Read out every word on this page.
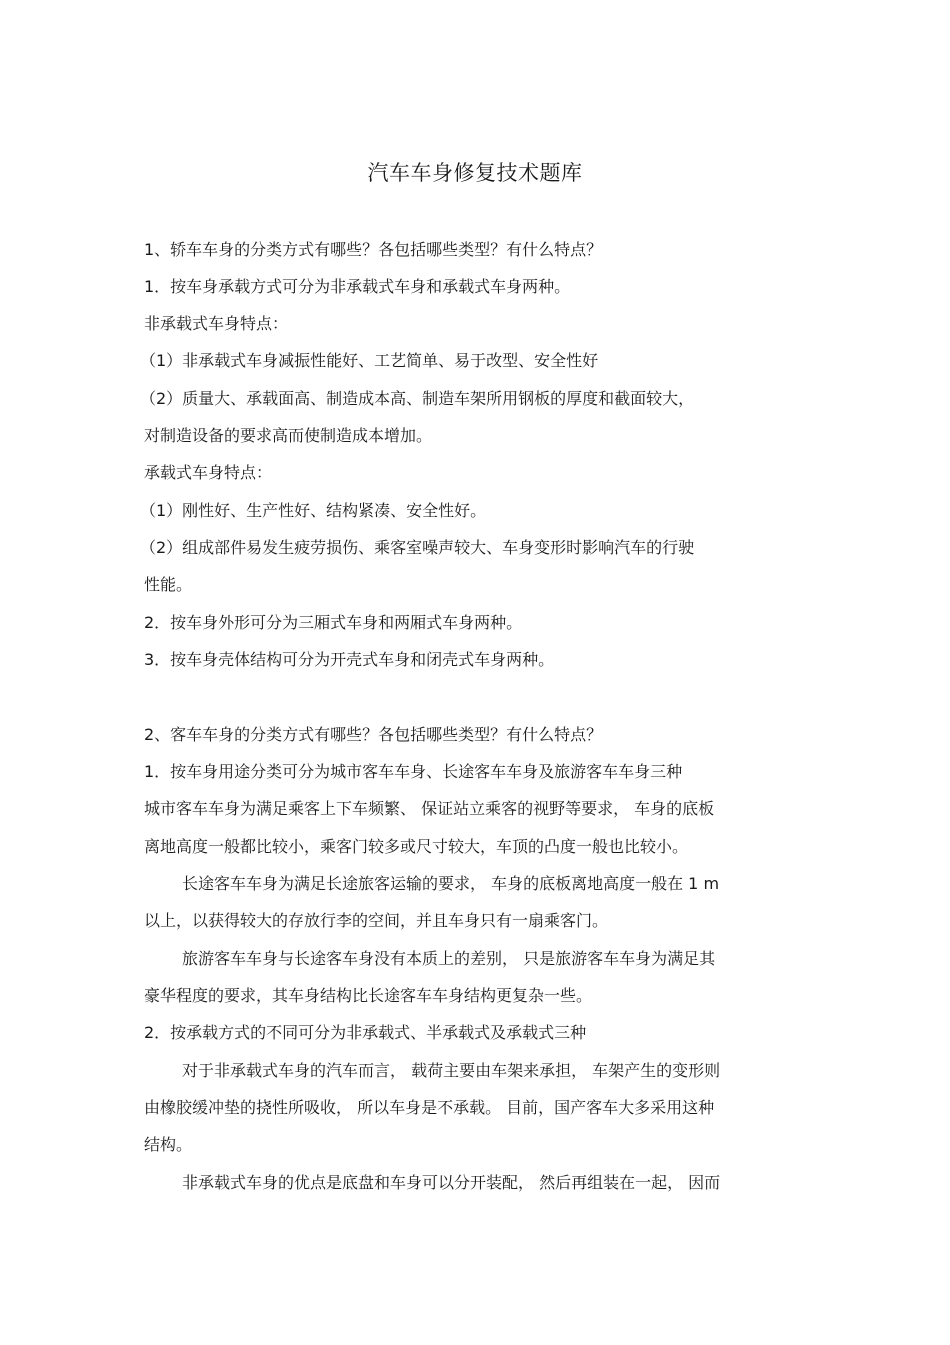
汽车车身修复技术题库
1、轿车车身的分类方式有哪些？各包括哪些类型？有什么特点？
1．按车身承载方式可分为非承载式车身和承载式车身两种。
非承载式车身特点：
（1）非承载式车身减振性能好、工艺简单、易于改型、安全性好
（2）质量大、承载面高、制造成本高、制造车架所用钢板的厚度和截面较大，
对制造设备的要求高而使制造成本增加。
承载式车身特点：
（1）刚性好、生产性好、结构紧凑、安全性好。
（2）组成部件易发生疲劳损伤、乘客室噪声较大、车身变形时影响汽车的行驶
性能。
2．按车身外形可分为三厢式车身和两厢式车身两种。
3．按车身壳体结构可分为开壳式车身和闭壳式车身两种。
2、客车车身的分类方式有哪些？各包括哪些类型？有什么特点？
1．按车身用途分类可分为城市客车车身、长途客车车身及旅游客车车身三种
城市客车车身为满足乘客上下车频繁、 保证站立乘客的视野等要求， 车身的底板
离地高度一般都比较小，乘客门较多或尺寸较大，车顶的凸度一般也比较小。
长途客车车身为满足长途旅客运输的要求， 车身的底板离地高度一般在 1 m
以上，以获得较大的存放行李的空间，并且车身只有一扇乘客门。
旅游客车车身与长途客车身没有本质上的差别， 只是旅游客车车身为满足其
豪华程度的要求，其车身结构比长途客车车身结构更复杂一些。
2．按承载方式的不同可分为非承载式、半承载式及承载式三种
对于非承载式车身的汽车而言， 载荷主要由车架来承担， 车架产生的变形则
由橡胶缓冲垫的挠性所吸收， 所以车身是不承载。 目前，国产客车大多采用这种
结构。
非承载式车身的优点是底盘和车身可以分开装配， 然后再组装在一起， 因而
